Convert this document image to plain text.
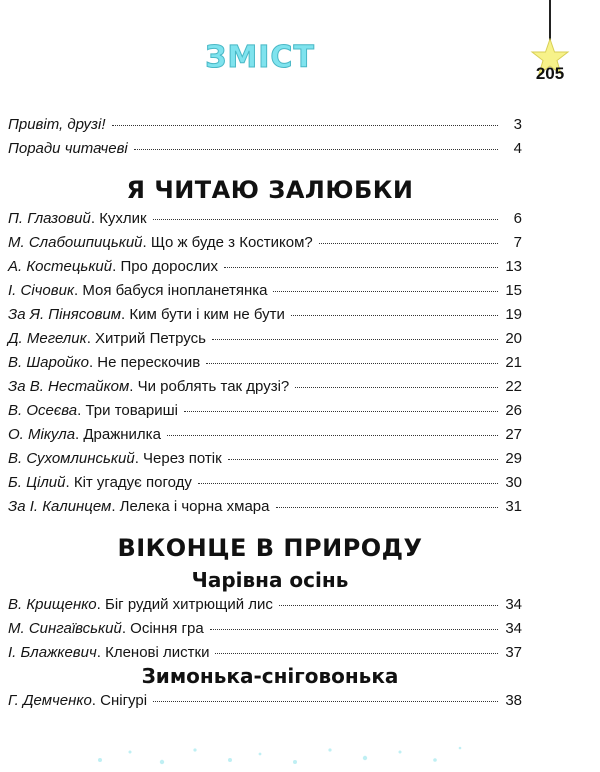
205
ЗМІСТ
Привіт, друзі!	3
Поради читачеві	4
Я ЧИТАЮ ЗАЛЮБКИ
П. Глазовий . Кухлик	6
М. Слабошпицький . Що ж буде з Костиком?	7
А. Костецький . Про дорослих	13
І. Січовик . Моя бабуся інопланетянка	15
За Я. Пінясовим . Ким бути і ким не бути	19
Д. Мегелик . Хитрий Петрусь	20
В. Шаройко . Не перескочив	21
За В. Нестайком . Чи роблять так друзі?	22
В. Осеєва . Три товариші	26
О. Мікула . Дражнилка	27
В. Сухомлинський . Через потік	29
Б. Цілий . Кіт угадує погоду	30
За І. Калинцем . Лелека і чорна хмара	31
ВІКОНЦЕ В ПРИРОДУ
Чарівна осінь
В. Крищенко . Біг рудий хитрющий лис	34
М. Сингаївський . Осіння гра	34
І. Блажкевич . Кленові листки	37
Зимонька-сніговонька
Г. Демченко . Снігурі	38
